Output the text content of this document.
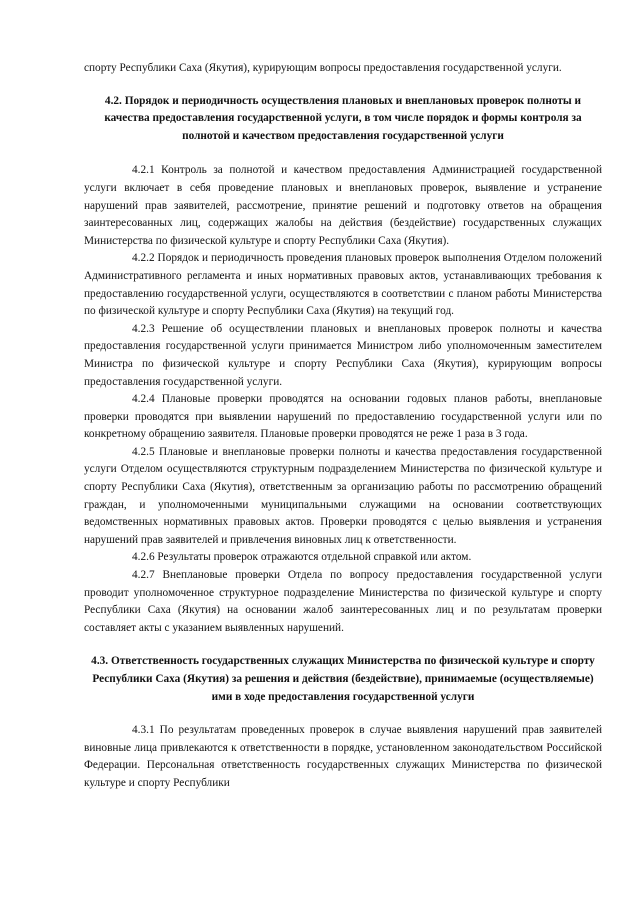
спорту Республики Саха (Якутия), курирующим вопросы предоставления государственной услуги.

4.2. Порядок и периодичность осуществления плановых и внеплановых проверок полноты и качества предоставления государственной услуги, в том числе порядок и формы контроля за полнотой и качеством предоставления государственной услуги

4.2.1 Контроль за полнотой и качеством предоставления Администрацией государственной услуги включает в себя проведение плановых и внеплановых проверок, выявление и устранение нарушений прав заявителей, рассмотрение, принятие решений и подготовку ответов на обращения заинтересованных лиц, содержащих жалобы на действия (бездействие) государственных служащих Министерства по физической культуре и спорту Республики Саха (Якутия).

4.2.2 Порядок и периодичность проведения плановых проверок выполнения Отделом положений Административного регламента и иных нормативных правовых актов, устанавливающих требования к предоставлению государственной услуги, осуществляются в соответствии с планом работы Министерства по физической культуре и спорту Республики Саха (Якутия) на текущий год.

4.2.3 Решение об осуществлении плановых и внеплановых проверок полноты и качества предоставления государственной услуги принимается Министром либо уполномоченным заместителем Министра по физической культуре и спорту Республики Саха (Якутия), курирующим вопросы предоставления государственной услуги.

4.2.4 Плановые проверки проводятся на основании годовых планов работы, внеплановые проверки проводятся при выявлении нарушений по предоставлению государственной услуги или по конкретному обращению заявителя. Плановые проверки проводятся не реже 1 раза в 3 года.

4.2.5 Плановые и внеплановые проверки полноты и качества предоставления государственной услуги Отделом осуществляются структурным подразделением Министерства по физической культуре и спорту Республики Саха (Якутия), ответственным за организацию работы по рассмотрению обращений граждан, и уполномоченными муниципальными служащими на основании соответствующих ведомственных нормативных правовых актов. Проверки проводятся с целью выявления и устранения нарушений прав заявителей и привлечения виновных лиц к ответственности.

4.2.6 Результаты проверок отражаются отдельной справкой или актом.

4.2.7 Внеплановые проверки Отдела по вопросу предоставления государственной услуги проводит уполномоченное структурное подразделение Министерства по физической культуре и спорту Республики Саха (Якутия) на основании жалоб заинтересованных лиц и по результатам проверки составляет акты с указанием выявленных нарушений.

4.3. Ответственность государственных служащих Министерства по физической культуре и спорту Республики Саха (Якутия) за решения и действия (бездействие), принимаемые (осуществляемые) ими в ходе предоставления государственной услуги

4.3.1 По результатам проведенных проверок в случае выявления нарушений прав заявителей виновные лица привлекаются к ответственности в порядке, установленном законодательством Российской Федерации. Персональная ответственность государственных служащих Министерства по физической культуре и спорту Республики
